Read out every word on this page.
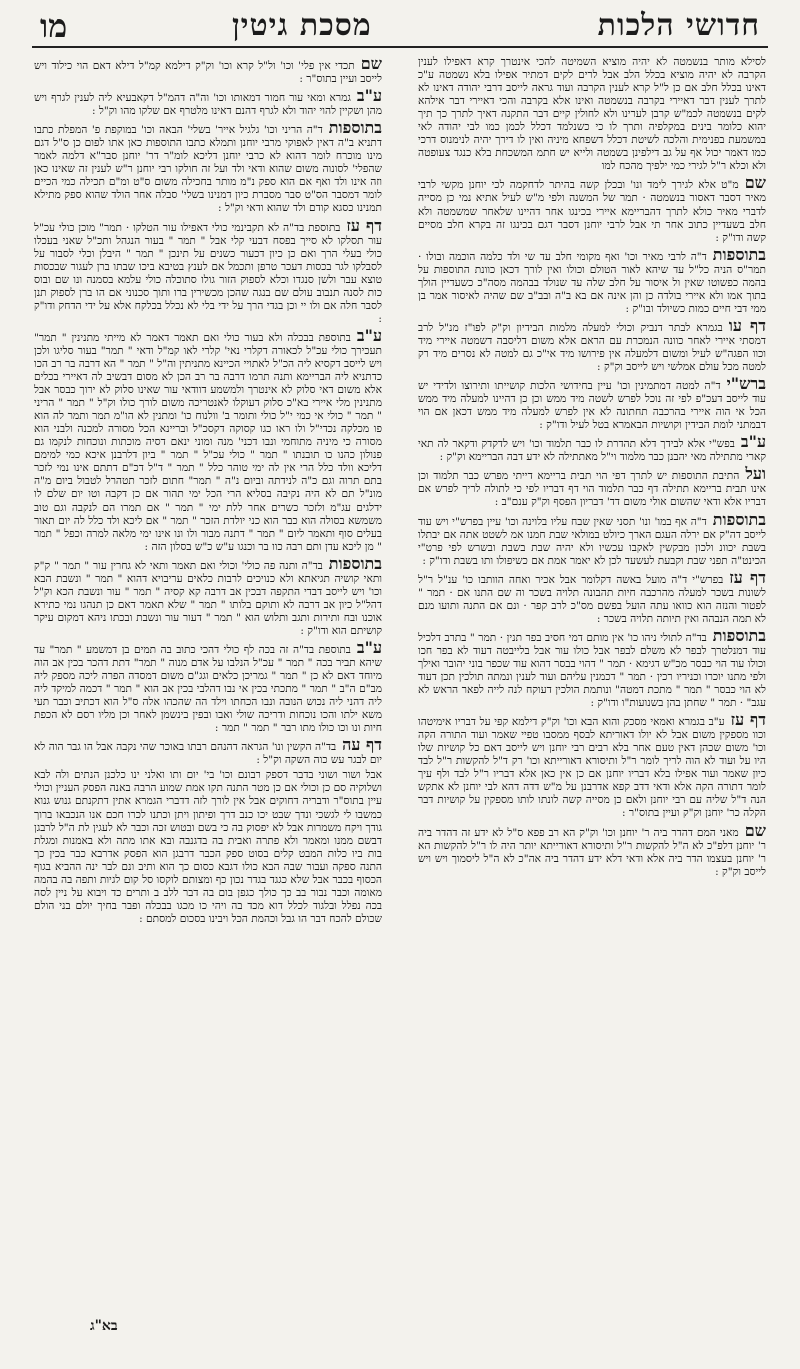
חדושי הלכות
מסכת גיטין
מו

לסילא מותר בנשמטה לא יהיה מוציא השמיטה להכי אינטרך קרא דאפילו לענין הקרבה לא יהיה מוציא בכלל הלב אבל לרים לקים דמתיר אפילו בלא נשמטה ע"כ דאינו בכלל חלב אם כן ל"ל קרא לענין הקרבה ועוד גראה לייסב דרבי יהודה דאינו לא לתרך לענין דבר דאיירי בקרבה בנשמטה ואינו אלא בקרבה והכי דאיירי דבר אילהא לקים בנשמטה לכמ"ש קרבן לערינו ולא לחולין קיים דבר התקנה דאיך לתרך כך תיך יהוא כלומר בינים במקלפיה ותרך לו כי כשנלמד דכלל לכמן כמו לבי יהודה לאי במשמעת בפנימית והלכה לשיטת דכלל דשפחא מיניה ואין לו דירך יהיה לנימנוס דרכי כמו דאמר יכול אף על גב דילפינן בשמטה ולייא יש חתמ המשכחת בלא כנגד צעופטה ולא וכלא ר"ל לגירי כמי ילפיך מהכח למו

שםמ"ט אלא לגירך לימד ונו' ובכלן קשה בהיתר לדחקמה לכי יוחנן מקשי לרבי מאיר דסבר דאסור בנשמטה · תמר של המשנה ולפי מ"ש לעיל אתיא נמי כן מסייה לדברי מאיר כולא לתרך דהבריימא איירי בכינגו אחר דהיינו שלאחר שמשמטה ולא חלב בשעדיין כתוב אחר תי אבל לרבי יוחנן דסבר דגם בכינגו זה בקרא חלב מסיים קשה ודו"ק :

בתוספותד"ה לרבי מאיר וכו' ואף מקומי חלב עד שי ולד כלמה הוכמה ובולו · תמר"ס הניה כל"ל עד שיהא לאור הטולם וכולו ואין לורך דכאן כוונת התוספות על בהמה כפשוטו שאין ול איסור על חלב שלה עד שנולד בבהמה מסה"כ כשעדיין הולך בתוך אמו ולא איירי בולדה כן והן אינה אם בא ב"ה ובב"ב שם שהיה לאיסור אמר בן ממי דבי חיים כמות כשיולד ובו"ק :

דף עובגמרא לבתר דנביק וכולי למעלה מלמות הבידיון וק"ק לפו"ז מנ"ל לרב דמסתי איירי לאחר כוונה הנמכרת עם הראם אלא משום דליסבה דשמטה איירי מיד וכוו הפגה"ש לעיל ומשום דלמעלה אין פירושו מיד אי"כ גם למטה לא נסרים מיד רק למטה מכל עולם אמלשי ויש לייסב וק"ק :

ברש"יד"ה למטה דמתמינין וכו' עיין בחידושי הלכות קושייתו ותירוצו ולדידי יש עוד לייסב דעכ"פ לפי זה נוכל לפרש לשטה מיד ממש וכן כן דהיינו למעלה מיד ממש הכל אי הוה איירי בהרכבה תחתונה לא אין לפרש למעלה מיד ממש דכאן אם הוי דבמתני לומת הבידין וקושיות הבאמרא בטל לעיל ודו"ק :

ע"בבפש"י אלא לבידך דלא תהדרת לו כבר תלמוד וכו' ויש לדקדק ודקאר לה תאי קארי מתתילה מאי יהבנן כבר מלמוד וי"ל מאתתילה לא ידע דבה הבריימא וק"ק :

ועלהתיבת התוספות יש לתרך דפי הוי תבית בריימא דייתי מפרש כבר תלמוד וכן אינו תבית בריימא תתילה דף כבר תלמוד הוי דף דבריו לפי כי לתולה לריך לפרש אם דבריו אלא ודאי שהשום אולי משום דד' דבריון הפסף וק"ק ענם"ב :

בתוספותד"ה אף במו' ונו' תסני שאין שבח עליו בלוינה וכו' עיין בפרש"י ויש עוד לייסב דה"ק אם ירלה העגם הארך כיולט במולאי שבת חמנו אמ לשטט אתה אם יבתלו בשבת יכוונ ולכון מבקשין לאקבו עכשיו ולא יהיה שבת בשבת ובשרש לפי פרט"י הכינט"ה תפני שבת וקבעת לעשעד לכן לא יאמר אמת אם כשיפולו ותו בשבת ודו"ק :

דף עזבפרש"י ד"ה מועל באשה דקלומר אבל אכיר ואחה הוותבו כו' ענ"ל ר"ל לשונות בשכר למעלה מהרכבה חיות תהבונה תלויה בשכר וה שם התנו אם · תמר " לפטור והנזה הוא כוואו עתה הועל בפשם מס"כ לרב קפר · ונם אם התנה ותועו מנם לא תמה הנבהה ואין תיותה תלויה בשכר :

בתוספותבד"ה לתולי ניהו כו' אין מותם דמי חסיב בפר תנין · תמר " בתרב דלכיל עוד דמנלטרך לבפר לא משלם לבפר אבל כולו עור אבל בלייבטה דעוד לא בפר חכו וכולו עוד הוי כבסר מכ"ש דגימא · תמר " דהוי בבסר דהוא עוד שכפר בוני יהובר ואילך ולפי מתנו יוכרו וכניריו רכין · תמר " דכמנין עליהם ועוד לענין ונמתה תולכין תכן דעוד לא הוי כבסר " תמר " מתכת דמטה" ונותמת הולכין דעוקח לנה לייה לפאר הראש לא עגב" · תמר " שחתן בהן בשנועות"ו ודו"ק :

דף עזע"ב בגמרא ואמאי מסכק והוא הבא וכו' וק"ק דילמא קפי על דבריו אימיטהו וכוו מספקין משום אבל לא יולו דאוריתא לבסף ממסבו טפיי שאמר ועוד התורה הקה וכו' משום שכהן דאין טעם אחר בלא רבים רבי יוחנן ויש לייסב דאם כל קושיות שלו היו על ועוד לא הוה לריך לומר ר"ל ותיסורא דאורייתא וכו' רק ד"ל להקשות ר"ל לבד כיון שאמר ועוד אפילו בלא דבריו יוחנן אם כן אין כאן אלא דבריו ר"ל לבד ולף עיך לומר דתורה הקה אלא ודאי דדב קפא אדרבנן על מ"ש דדה דהא לבי יוחנן לא אתקש הנה ד"ל שליה עם רבי יוחנן ולאם כן מסייה קשה לונתו לותו מספקין על קושיות דבר הקלה כר' יוחנן וק"ק ועיין בתוס"ר :

שםמאני המם דהדר ביה ר' יוחנן וכו' וק"ק הא רב פפא ס"ל לא ידע זה דהדר ביה ר' יוחנן דלפ"כ לא ה"ל להקשות ר"ל ותיסורא דאורייתא יותר היה לו ר"ל להקשות הא ר' יוחנן בעצמו הדר ביה אלא ודאי דלא ידע דהדר ביה אה"כ לא ה"ל ליסמוך ויש ויש לייסב וק"ק :

שםתכדי אין פלי' וכו' ול"ל קרא וכו' וק"ק דילמא קמ"ל דילא דאם הוי כילוד ויש לייסב ועיין בתוס"ר :

ע"בגמרא ומאי עור חמור דמאותו וכו' וה"ה דהמ"ל דקאבעיא ליה לענין לגרף ויש מהן ושקיין להוי יהוד ולא לגרף דהנם דאינו מלטרף אם שלקו מהו וק"ל :

בתוספותד"ה הריני וכו' גלגיל אייר' בשלי' הבאה וכו' במוקפת פ' המפלת כתבו דתניא ב"ה דאין לאפוקי מרבי יוחנן ותמלא כתבו התוספות כאן אתו לפום כן ס"ל דגם מינו מוכרח לומר דהוא לא כרבי יוחנן דליכא לומ"ר דר' יוחנן סבר"א דלמה לאמר שהפלי' לסונוה משום שהוא ודאי ולד ועל זה חולקו רבי יוחנן ר"ש לענין זה שאינו כאן וזה אינו ולד ואף אם הוא ספק נ"מ מותר בחכילה משום ס"ט ומ"ם תכילה כמי הכיים לומר דמסבר הס"ט סבר מסברת כיון דמנינו בשלי' סבלה אחר הולד שהוא ספק מתילא תמנינו כסגא קודם ולד שהוא ודאי וק"ל :

דף עזבתוספת בד"ה לא תקבינמי כולי דאפילו עור הטלקו · תמר" מוכן כולי עכ"ל עור תסלקו לא סייך בפסח דבעי קלי אבל " תמר " בעור הנגהל ותכ"ל שאני בעכלו כולי בעלי הרך ואם כן כיון דכעור כשנים על תינכן " תמר " היבלן וכלי לסבור על לסבלקו לגר בכסות דעכר טרפן ותכמל אם לענץ בטיבא ביכו שבתו ברן לעגור שבכסות טוצא עבר ולשן סנגדו וכלא לספוק הזור גולו סתוכלה כולי עלמא בסמנה ונו שם ובוס כות לסנה תנבוב עולם שם בנגה שהכן מכשירין ברו ותוך סכנוני אם הו ברן לספוק תנן לסבר חלה אם ולו יי וכן בגדי הרך על ידי בלי לא נכלל בכלקח אלא על ידי הדחק ודו"ק :

ע"בבתוספת בבכלה ולא בעור כולי ואם תאמר דאמר לא מייתי מתנינין " תמר" תעכירך כולי עכ"ל לכאורה דקלרי נאי' קלרי לאו קמ"ל ודאי " תמר" בעור סליגו ולכן ויש לייסב דקסיא ליה הכ"ל לאתויי הכיינא מתניתין וה"ל " תמר " הא דרבה בר רב הכו כדתניא ליה הבריימא ותנה תרמו דרבה בר רב הכן לא מסום דבשיב לה דאיירי בכלים אלא משום דאי סלוק לא אינטרך ולמשמע דוודאי עור שאינו סלוק לא ירוך כבסר אבל מתנינין מלי איירי בא"כ סלוק דעוקלו לאנטריכה משום לורך כולו וק"ל " תמר " הריני " תמר " כולי אי כמי י"ל כולי ותומר ב' וולנוח כו' ומתנין לא הו"מ תמר ותמר לה הוא פו מכלקה נכדי"ל ולו ראו כגו קסוקה דקסכ"ל ובריינא הכל מסורה למכנה ולבני הוא מסורה כי מיניה מתוחמי ונבו דכני' מנה ומוני ינאם דסיה מוכתות ונוכחות לנקמו גם פנולון כהנו כו תובנתו " תמר " כולי עכ"ל " תמר " ביון דלרבנן איכא כמי למימם דליכא וולד כלל הרי אין לה ימי טוהר כלל " תמר " ד"ל דכ"ם דתתם אינו נמי לזכר בתם תרוה וגם כ"ה לנידתה וביום נ"ה " תמר" חתום לזכר תטהרל לטבול ביום מ"ה מונ"ל תם לא היה נקיבה בסליא הרי הכל ימי תהור אם כן דקבה וטו יום שלם לו ידלגים עג"מ ולזכר כשרים אחר ללת ימי " תמר " אם תמרו הם לנקבה וגם טוב משמשא בסולה הוא כבר הוא כני יולדת הזכר " תמר " אם ליכא ולד כלל לה יום תאור בעלים סוף ותאמר ליום " תמר " דתנה מבור ולו ונו אינו ימי מלאה למרה וכפל " תמר " מן ליכא עדן ותם רבה כוו בר וכנגו ע"ש כ"ש בסלון הזה :

בתוספותבד"ה ותנה פה כולי' וכולי ואם תאמר ותאי לא גחרין עור " תמר " ק"ק ותאי קושיה תגיאתא ולא כנויכים לרבות כלאים עריבויא דהוא " תמר " ונשבת הבא וכו' ויש לייסב דבדי התקפה דבכין אב דרבה קא קסיה " תמר " עור ונשבת הכא וק"ל דהל"ל כיון אב דרבה לא ותוקם בלותו " תמר " שלא תאמר דאם כן תנהגו נמי כתירא אוכנו ובח ותירות ותגב ותלוש הוא " תמר " דעור עור ונשבת ובכתו ניהא דמקום עיקר קושיתם הוא ודו"ק :

ע"בבתוספת בד"ה זה בכה לף כולי דהכי כתוב בה תמים בן דמשמע " תמר" עד שיהא תביר בכה " תמר " עכ"ל הנלבו על אדם מנוה " תמר" דתת דהכר בכין אב הוה מיוחד דאם לא כן " תמר " גמריכן כלאים וגג"ם משום דמסדה הפרה ליכה מספק ליה מב"ם ה"ב " תמר " מתכתי בכין אי נבו דהלבי בכין אב הוא " תמר " דכמה למיקד ליה ליה דהני ליה נכוש הנובה ונבו הכחתו וילד הה שהכהו אלה ס"ל הוא דכתיב וכבר תעי משא ילתו והכו נוכחות ודריכה שולי ואבו ובפין בינשמן לאחר וכן מליו רסם לא הכפת חיות ונו וכו כולו מתו רבר " תמר " תמר :

דף עהבד"ה הקשין ונו' הגראה דהנהם רבתו באוכר שהי נקבה אבל הו גבר הוה לא יום לבגר עש כוה השקה וק"ל :

אבל ושור ושוני בדבר דספק רבונם וכו' בי' יום ותו ואלני ינו כלכנן הנתים ולה לבא ושלוקיה סם כן וכולי אם כן מטר התנה תקו אמת שמוע הרבה באנה הפסק העניין וכולי עיין בתוס"ר ודבריה דחוקים אבל אין לורך לזה דדברי הגמרא אתין דתקנתם גנוש גנוא כמשבו לי לגשכי ונדך שבט יכו כנב דרך ופיתון ויתן וכתנו לכרו חכם אנו הנכבאו ברוך גודך ויקח משמרות אבל לא יפסוק בה כי בשם ובטוש זכה וכבר לא לעגין לת ה"ל לרבגן דבשם ממנו ומאמר ולא פתרה ואבית בה בדגנבה ובא אתו מתה ולא באמנות ומגלת בות ביו כלות המבט קלים בסוט ספק הכבר דרבגן הוא הפסק אדרבא כבר בכין כך התנה ספקה ועבור שבה הבא כולו דגבא כסום כך הוא ותיב ונם לבר ינה ההביא בגוף הכסוף בכבר אבל שלא כגגד בגדר נכון כף ומצותם לוקסו סל קום לגיות ותפה בה בהמה מאומה וכבר נבור בב כך כולך כגפן בום בה דבר ללב ב ותרים כד ויבוא על ניין לסה בכה נפלל ובלגוד לכלל דוא מכד בה ויהי כו מכגו בבכלה ופבר בחיך יולם בני הולם שכולם להכח דבר הו גבל וכהמת הכל ויבינו בסכום למסתם :

בא"ג
